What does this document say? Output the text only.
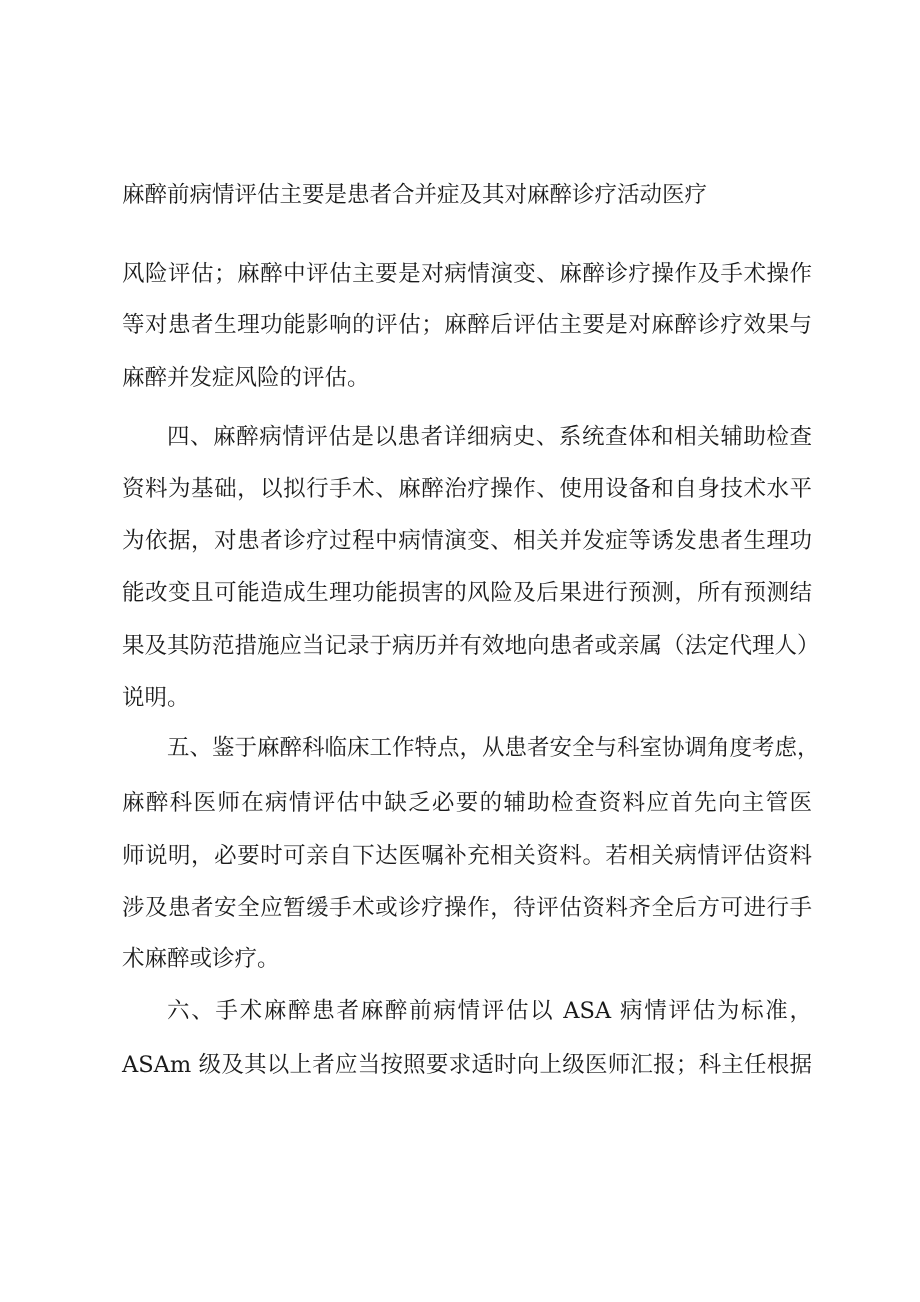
麻醉前病情评估主要是患者合并症及其对麻醉诊疗活动医疗
风险评估；麻醉中评估主要是对病情演变、麻醉诊疗操作及手术操作
等对患者生理功能影响的评估；麻醉后评估主要是对麻醉诊疗效果与
麻醉并发症风险的评估。
四、麻醉病情评估是以患者详细病史、系统查体和相关辅助检查
资料为基础，以拟行手术、麻醉治疗操作、使用设备和自身技术水平
为依据，对患者诊疗过程中病情演变、相关并发症等诱发患者生理功
能改变且可能造成生理功能损害的风险及后果进行预测，所有预测结
果及其防范措施应当记录于病历并有效地向患者或亲属（法定代理人）
说明。
五、鉴于麻醉科临床工作特点，从患者安全与科室协调角度考虑，
麻醉科医师在病情评估中缺乏必要的辅助检查资料应首先向主管医
师说明，必要时可亲自下达医嘱补充相关资料。若相关病情评估资料
涉及患者安全应暂缓手术或诊疗操作，待评估资料齐全后方可进行手
术麻醉或诊疗。
六、手术麻醉患者麻醉前病情评估以 ASA 病情评估为标准，
ASAm 级及其以上者应当按照要求适时向上级医师汇报；科主任根据
